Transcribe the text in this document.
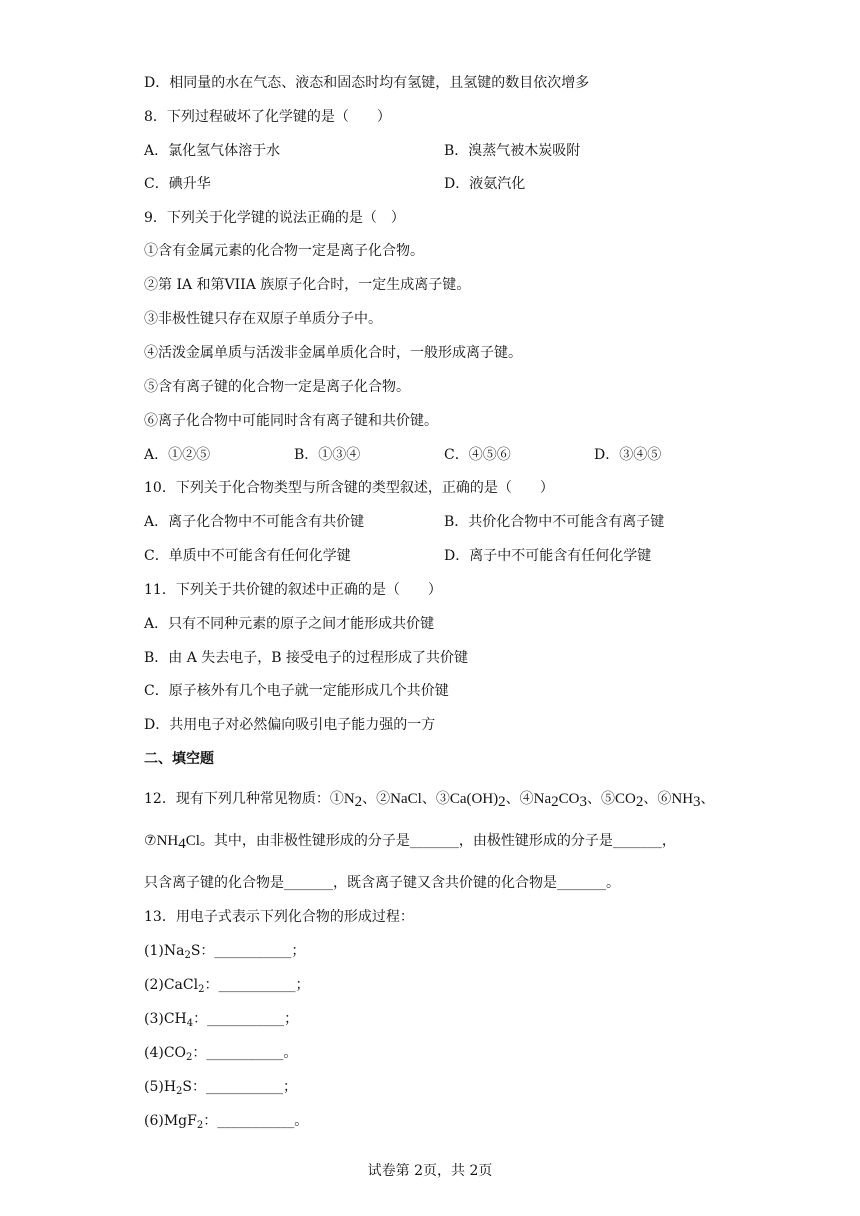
D．相同量的水在气态、液态和固态时均有氢键，且氢键的数目依次增多
8．下列过程破坏了化学键的是（　　）
A．氯化氢气体溶于水	B．溴蒸气被木炭吸附
C．碘升华	D．液氨汽化
9．下列关于化学键的说法正确的是（　）
①含有金属元素的化合物一定是离子化合物。
②第 IA 和第VIIA 族原子化合时，一定生成离子键。
③非极性键只存在双原子单质分子中。
④活泼金属单质与活泼非金属单质化合时，一般形成离子键。
⑤含有离子键的化合物一定是离子化合物。
⑥离子化合物中可能同时含有离子键和共价键。
A．①②⑤	B．①③④	C．④⑤⑥	D．③④⑤
10．下列关于化合物类型与所含键的类型叙述，正确的是（　　）
A．离子化合物中不可能含有共价键	B．共价化合物中不可能含有离子键
C．单质中不可能含有任何化学键	D．离子中不可能含有任何化学键
11．下列关于共价键的叙述中正确的是（　　）
A．只有不同种元素的原子之间才能形成共价键
B．由 A 失去电子，B 接受电子的过程形成了共价键
C．原子核外有几个电子就一定能形成几个共价键
D．共用电子对必然偏向吸引电子能力强的一方
二、填空题
12．现有下列几种常见物质：$①N_2$、②NaCl、$③Ca(OH)_2$、$④Na_2CO_3$、$⑤CO_2$、$⑥NH_3$、
$⑦NH_4Cl$。其中，由非极性键形成的分子是_______，由极性键形成的分子是_______，
只含离子键的化合物是_______，既含离子键又含共价键的化合物是_______。
13．用电子式表示下列化合物的形成过程：
$(1)Na_2S$：___________；
(2)CaCl$_2$：___________；
$(3)CH_4$：___________；
$(4)CO_2$：___________。
$(5)H_2S$：___________；
(6)MgF$_2$：___________。
试卷第 2页，共 2页
